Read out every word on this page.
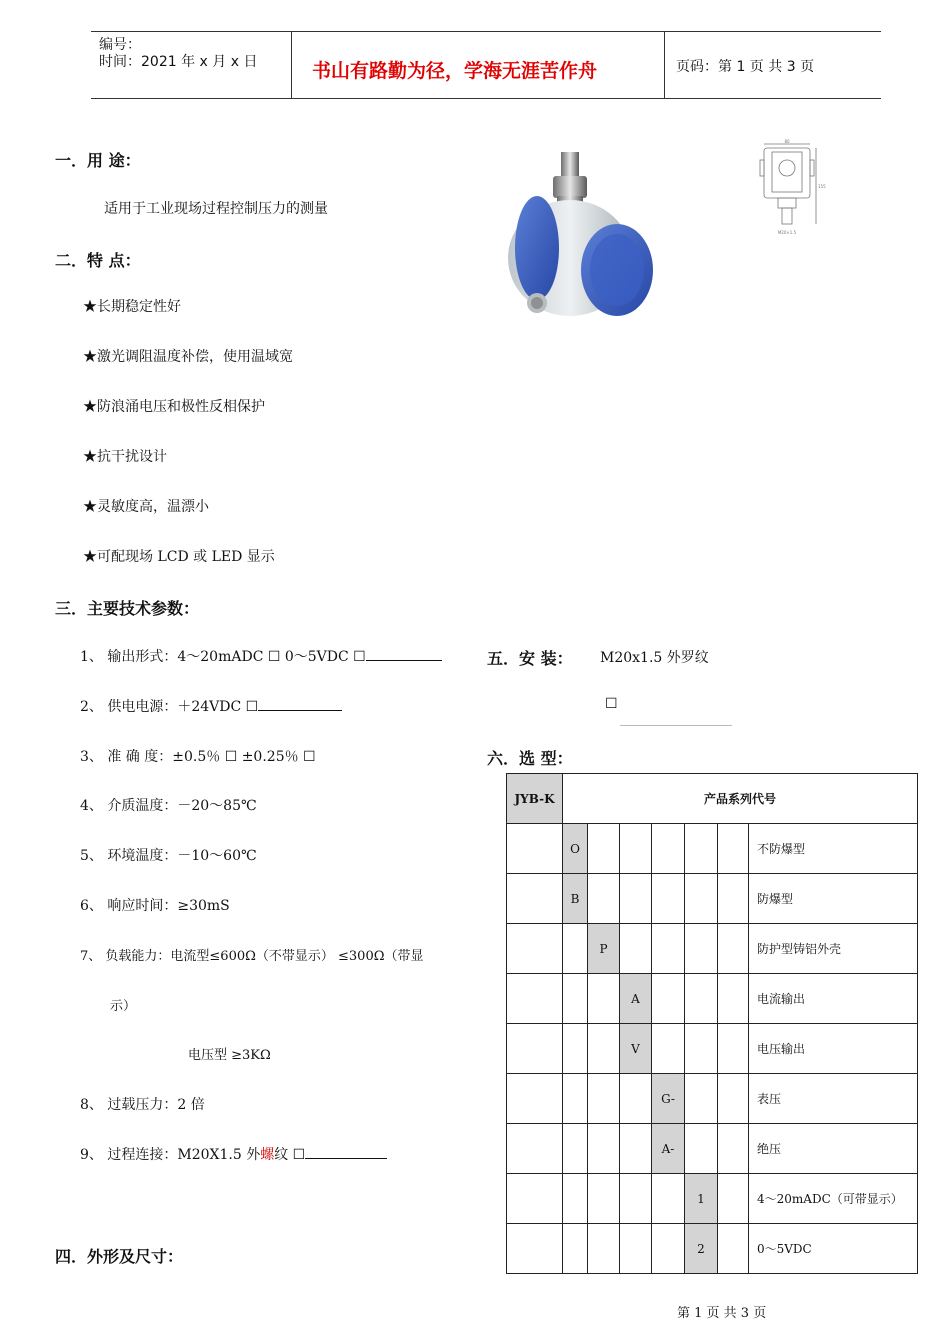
编号：
时间：2021 年 x 月 x 日	书山有路勤为径，学海无涯苦作舟	页码：第 1 页 共 3 页
一．用 途：
适用于工业现场过程控制压力的测量
二．特 点：
★长期稳定性好
★激光调阻温度补偿，使用温域宽
★防浪涌电压和极性反相保护
★抗干扰设计
★灵敏度高，温漂小
★可配现场 LCD 或 LED 显示
80
155
M20×1.5
三．主要技术参数：
1、 输出形式：4～20mADC ☐ 0～5VDC ☐
2、 供电电源：＋24VDC ☐
3、 准 确 度：±0.5％ ☐ ±0.25％ ☐
4、 介质温度：－20～85℃
5、 环境温度：－10～60℃
6、 响应时间：≥30mS
7、 负载能力：电流型≤600Ω（不带显示） ≤300Ω（带显
示）
电压型 ≥3KΩ
8、 过载压力：2 倍
9、 过程连接：M20X1.5 外螺纹 ☐
四．外形及尺寸：
五．安 装： M20x1.5 外罗纹
☐
六．选 型：
JYB-K	产品系列代号						
	O						不防爆型
	B						防爆型
		P					防护型铸铝外壳
			A				电流输出
			V				电压输出
				G-			表压
				A-			绝压
					1		4～20mADC（可带显示）
					2		0～5VDC
第 1 页 共 3 页
